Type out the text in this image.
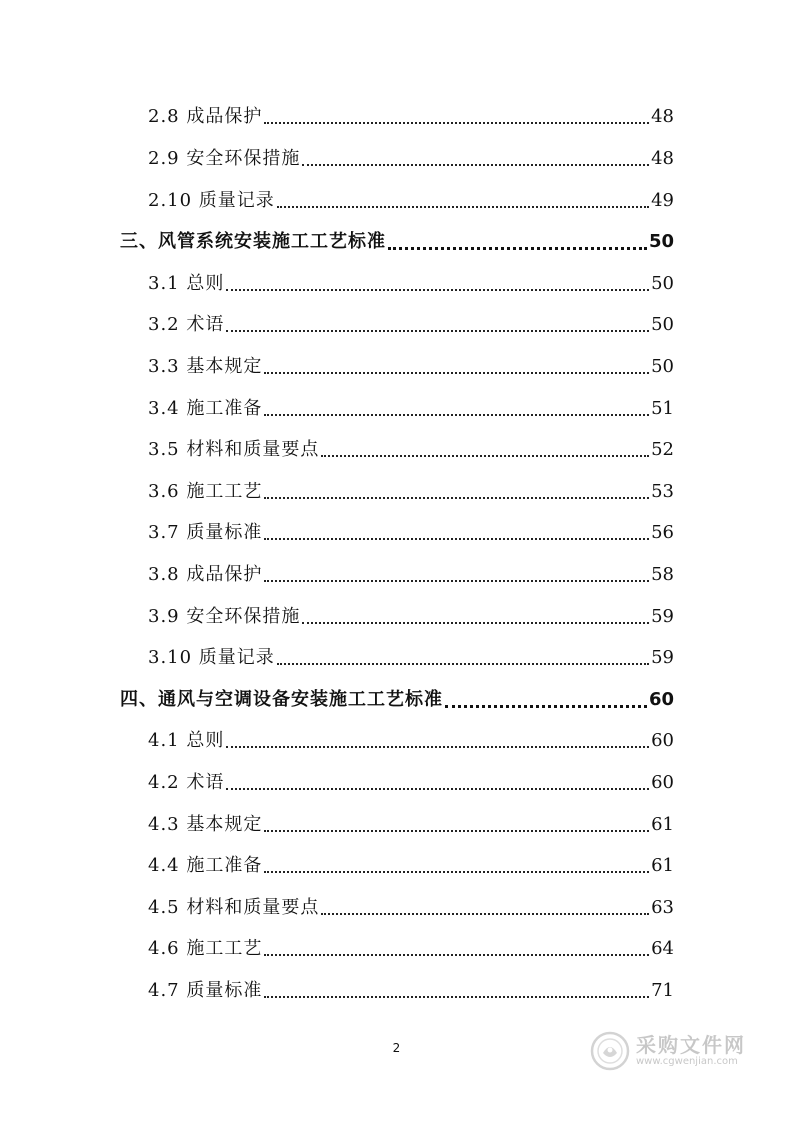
2.8 成品保护	48
2.9 安全环保措施	48
2.10 质量记录	49
三、风管系统安装施工工艺标准	50
3.1 总则	50
3.2 术语	50
3.3 基本规定	50
3.4 施工准备	51
3.5 材料和质量要点	52
3.6 施工工艺	53
3.7 质量标准	56
3.8 成品保护	58
3.9 安全环保措施	59
3.10 质量记录	59
四、通风与空调设备安装施工工艺标准	60
4.1 总则	60
4.2 术语	60
4.3 基本规定	61
4.4 施工准备	61
4.5 材料和质量要点	63
4.6 施工工艺	64
4.7 质量标准	71
2	采购文件网
www.cgwenjian.com
